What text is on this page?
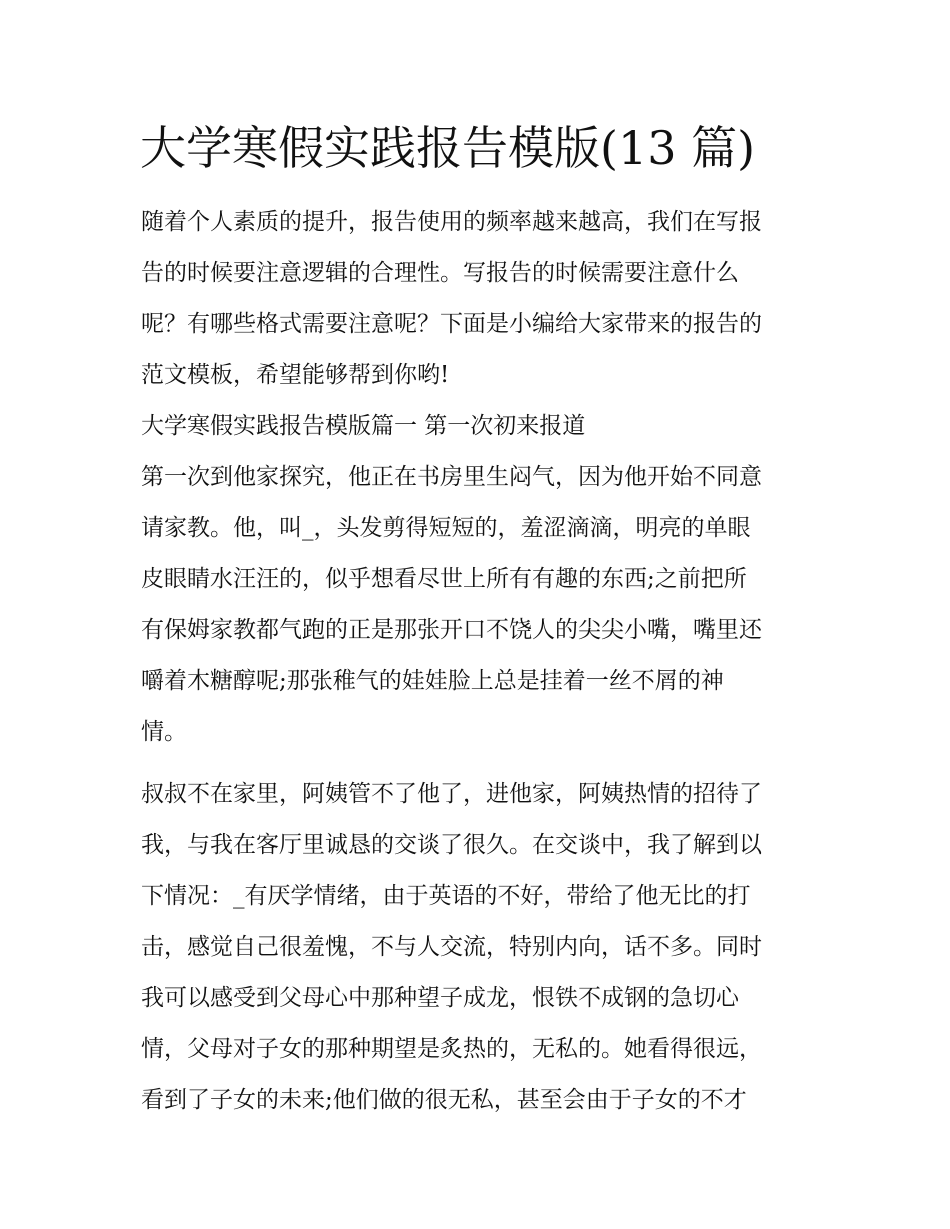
大学寒假实践报告模版(13 篇)
随着个人素质的提升，报告使用的频率越来越高，我们在写报
告的时候要注意逻辑的合理性。写报告的时候需要注意什么
呢？有哪些格式需要注意呢？下面是小编给大家带来的报告的
范文模板，希望能够帮到你哟!
大学寒假实践报告模版篇一 第一次初来报道
第一次到他家探究，他正在书房里生闷气，因为他开始不同意
请家教。他，叫_，头发剪得短短的，羞涩滴滴，明亮的单眼
皮眼睛水汪汪的，似乎想看尽世上所有有趣的东西;之前把所
有保姆家教都气跑的正是那张开口不饶人的尖尖小嘴，嘴里还
嚼着木糖醇呢;那张稚气的娃娃脸上总是挂着一丝不屑的神
情。
叔叔不在家里，阿姨管不了他了，进他家，阿姨热情的招待了
我，与我在客厅里诚恳的交谈了很久。在交谈中，我了解到以
下情况：_有厌学情绪，由于英语的不好，带给了他无比的打
击，感觉自己很羞愧，不与人交流，特别内向，话不多。同时
我可以感受到父母心中那种望子成龙，恨铁不成钢的急切心
情，父母对子女的那种期望是炙热的，无私的。她看得很远，
看到了子女的未来;他们做的很无私，甚至会由于子女的不才
